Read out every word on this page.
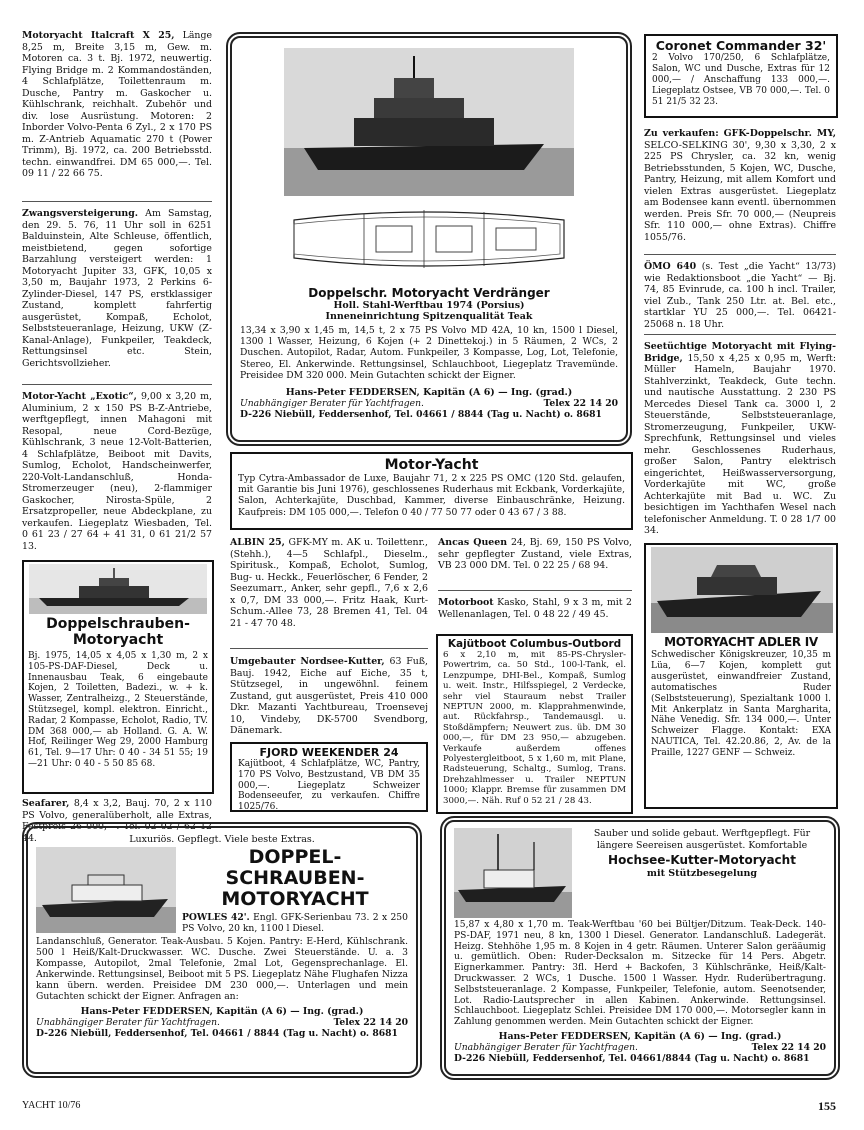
Motoryacht Italcraft X 25, Länge 8,25 m, Breite 3,15 m, Gew. m. Motoren ca. 3 t. Bj. 1972, neuwertig. Flying Bridge m. 2 Kommandoständen, 4 Schlafplätze, Toilettenraum m. Dusche, Pantry m. Gaskocher u. Kühlschrank, reichhalt. Zubehör und div. lose Ausrüstung. Motoren: 2 Inborder Volvo-Penta 6 Zyl., 2 x 170 PS m. Z-Antrieb Aquamatic 270 t (Power Trimm), Bj. 1972, ca. 200 Betriebsstd. techn. einwandfrei. DM 65 000,—. Tel. 09 11 / 22 66 75.
Zwangsversteigerung. Am Samstag, den 29. 5. 76, 11 Uhr soll in 6251 Balduinstein, Alte Schleuse, öffentlich, meistbietend, gegen sofortige Barzahlung versteigert werden: 1 Motoryacht Jupiter 33, GFK, 10,05 x 3,50 m, Baujahr 1973, 2 Perkins 6-Zylinder-Diesel, 147 PS, erstklassiger Zustand, komplett fahrfertig ausgerüstet, Kompaß, Echolot, Selbststeueranlage, Heizung, UKW (Z-Kanal-Anlage), Funkpeiler, Teakdeck, Rettungsinsel etc. Stein, Gerichtsvollzieher.
Motor-Yacht „Exotic“, 9,00 x 3,20 m, Aluminium, 2 x 150 PS B-Z-Antriebe, werftgepflegt, innen Mahagoni mit Resopal, neue Cord-Bezüge, Kühlschrank, 3 neue 12-Volt-Batterien, 4 Schlafplätze, Beiboot mit Davits, Sumlog, Echolot, Handscheinwerfer, 220-Volt-Landanschluß, Honda-Stromerzeuger (neu), 2-flammiger Gaskocher, Nirosta-Spüle, 2 Ersatzpropeller, neue Abdeckplane, zu verkaufen. Liegeplatz Wiesbaden, Tel. 0 61 23 / 27 64 + 41 31, 0 61 21/2 57 13.
Doppelschrauben-Motoryacht
Bj. 1975, 14,05 x 4,05 x 1,30 m, 2 x 105-PS-DAF-Diesel, Deck u. Innenausbau Teak, 6 eingebaute Kojen, 2 Toiletten, Badezi., w. + k. Wasser, Zentralheizg., 2 Steuerstände, Stützsegel, kompl. elektron. Einricht., Radar, 2 Kompasse, Echolot, Radio, TV. DM 368 000,— ab Holland. G. A. W. Hof, Reilinger Weg 29, 2000 Hamburg 61, Tel. 9—17 Uhr: 0 40 - 34 51 55; 19—21 Uhr: 0 40 - 5 50 85 68.
Seafarer, 8,4 x 3,2, Bauj. 70, 2 x 110 PS Volvo, generalüberholt, alle Extras, Festpreis 26 000,—. Tel. 02 02 / 62 12 44.
Doppelschr. Motoryacht Verdränger
Holl. Stahl-Werftbau 1974 (Porsius)
Inneneinrichtung Spitzenqualität Teak
13,34 x 3,90 x 1,45 m, 14,5 t, 2 x 75 PS Volvo MD 42A, 10 kn, 1500 l Diesel, 1300 l Wasser, Heizung, 6 Kojen (+ 2 Dinettekoj.) in 5 Räumen, 2 WCs, 2 Duschen. Autopilot, Radar, Autom. Funkpeiler, 3 Kompasse, Log, Lot, Telefonie, Stereo, El. Ankerwinde. Rettungsinsel, Schlauchboot, Liegeplatz Travemünde. Preisidee DM 320 000. Mein Gutachten schickt der Eigner.
Hans-Peter FEDDERSEN, Kapitän (A 6) — Ing. (grad.)
Unabhängiger Berater für Yachtfragen.	Telex 22 14 20
D-226 Niebüll, Feddersenhof, Tel. 04661 / 8844 (Tag u. Nacht) o. 8681
Motor-Yacht
Typ Cytra-Ambassador de Luxe, Baujahr 71, 2 x 225 PS OMC (120 Std. gelaufen, mit Garantie bis Juni 1976), geschlossenes Ruderhaus mit Eckbank, Vorderkajüte, Salon, Achterkajüte, Duschbad, Kammer, diverse Einbauschränke, Heizung. Kaufpreis: DM 105 000,—. Telefon 0 40 / 77 50 77 oder 0 43 67 / 3 88.
ALBIN 25, GFK-MY m. AK u. Toilettenr., (Stehh.), 4—5 Schlafpl., Dieselm., Spiritusk., Kompaß, Echolot, Sumlog, Bug- u. Heckk., Feuerlöscher, 6 Fender, 2 Seezumarr., Anker, sehr gepfl., 7,6 x 2,6 x 0,7, DM 33 000,—. Fritz Haak, Kurt-Schum.-Allee 73, 28 Bremen 41, Tel. 04 21 - 47 70 48.
Umgebauter Nordsee-Kutter, 63 Fuß, Bauj. 1942, Eiche auf Eiche, 35 t, Stützsegel, in ungewöhnl. feinem Zustand, gut ausgerüstet, Preis 410 000 Dkr. Mazanti Yachtbureau, Troensevej 10, Vindeby, DK-5700 Svendborg, Dänemark.
FJORD WEEKENDER 24
Kajütboot, 4 Schlafplätze, WC, Pantry, 170 PS Volvo, Bestzustand, VB DM 35 000,—. Liegeplatz Schweizer Bodenseeufer, zu verkaufen. Chiffre 1025/76.
Ancas Queen 24, Bj. 69, 150 PS Volvo, sehr gepflegter Zustand, viele Extras, VB 23 000 DM. Tel. 0 22 25 / 68 94.
Motorboot Kasko, Stahl, 9 x 3 m, mit 2 Wellenanlagen, Tel. 0 48 22 / 49 45.
Kajütboot Columbus-Outbord
6 x 2,10 m, mit 85-PS-Chrysler-Powertrim, ca. 50 Std., 100-l-Tank, el. Lenzpumpe, DHI-Bel., Kompaß, Sumlog u. weit. Instr., Hilfsspiegel, 2 Verdecke, sehr viel Stauraum nebst Trailer NEPTUN 2000, m. Klapprahmenwinde, aut. Rückfahrsp., Tandemausgl. u. Stoßdämpfern; Neuwert zus. üb. DM 30 000,—, für DM 23 950,— abzugeben. Verkaufe außerdem offenes Polyestergleitboot, 5 x 1,60 m, mit Plane, Radsteuerung, Schaltg., Sumlog, Trans. Drehzahlmesser u. Trailer NEPTUN 1000; Klappr. Bremse für zusammen DM 3000,—. Näh. Ruf 0 52 21 / 28 43.
Coronet Commander 32'
2 Volvo 170/250, 6 Schlafplätze, Salon, WC und Dusche, Extras für 12 000,— / Anschaffung 133 000,—. Liegeplatz Ostsee, VB 70 000,—. Tel. 0 51 21/5 32 23.
Zu verkaufen: GFK-Doppelschr. MY, SELCO-SELKING 30', 9,30 x 3,30, 2 x 225 PS Chrysler, ca. 32 kn, wenig Betriebsstunden, 5 Kojen, WC, Dusche, Pantry, Heizung, mit allem Komfort und vielen Extras ausgerüstet. Liegeplatz am Bodensee kann eventl. übernommen werden. Preis Sfr. 70 000,— (Neupreis Sfr. 110 000,— ohne Extras). Chiffre 1055/76.
ÖMO 640 (s. Test „die Yacht“ 13/73) wie Redaktionsboot „die Yacht“ — Bj. 74, 85 Evinrude, ca. 100 h incl. Trailer, viel Zub., Tank 250 Ltr. at. Bel. etc., startklar YU 25 000,—. Tel. 06421-25068 n. 18 Uhr.
Seetüchtige Motoryacht mit Flying-Bridge, 15,50 x 4,25 x 0,95 m, Werft: Müller Hameln, Baujahr 1970. Stahlverzinkt, Teakdeck, Gute techn. und nautische Ausstattung. 2 230 PS Mercedes Diesel Tank ca. 3000 l, 2 Steuerstände, Selbststeueranlage, Stromerzeugung, Funkpeiler, UKW-Sprechfunk, Rettungsinsel und vieles mehr. Geschlossenes Ruderhaus, großer Salon, Pantry elektrisch eingerichtet, Heißwasserversorgung, Vorderkajüte mit WC, große Achterkajüte mit Bad u. WC. Zu besichtigen im Yachthafen Wesel nach telefonischer Anmeldung. T. 0 28 1/7 00 34.
MOTORYACHT ADLER IV
Schwedischer Königskreuzer, 10,35 m Lüa, 6—7 Kojen, komplett gut ausgerüstet, einwandfreier Zustand, automatisches Ruder (Selbststeuerung), Spezialtank 1000 l. Mit Ankerplatz in Santa Margharita, Nähe Venedig. Sfr. 134 000,—. Unter Schweizer Flagge. Kontakt: EXA NAUTICA, Tel. 42.20.86, 2, Av. de la Praille, 1227 GENF — Schweiz.
Luxuriös. Gepflegt. Viele beste Extras.
DOPPEL-
SCHRAUBEN-
MOTORYACHT
POWLES 42'. Engl. GFK-Serienbau 73. 2 x 250 PS Volvo, 20 kn, 1100 l Diesel.
Landanschluß, Generator. Teak-Ausbau. 5 Kojen. Pantry: E-Herd, Kühlschrank. 500 l Heiß/Kalt-Druckwasser. WC. Dusche. Zwei Steuerstände. U. a. 3 Kompasse, Autopilot, 2mal Telefonie, 2mal Lot, Gegensprechanlage. El. Ankerwinde. Rettungsinsel, Beiboot mit 5 PS. Liegeplatz Nähe Flughafen Nizza kann übern. werden. Preisidee DM 230 000,—. Unterlagen und mein Gutachten schickt der Eigner. Anfragen an:
Hans-Peter FEDDERSEN, Kapitän (A 6) — Ing. (grad.)
Unabhängiger Berater für Yachtfragen.	Telex 22 14 20
D-226 Niebüll, Feddersenhof, Tel. 04661 / 8844 (Tag u. Nacht) o. 8681
Sauber und solide gebaut. Werftgepflegt. Für längere Seereisen ausgerüstet. Komfortable
Hochsee-Kutter-Motoryacht
mit Stützbesegelung
15,87 x 4,80 x 1,70 m. Teak-Werftbau '60 bei Bültjer/Ditzum. Teak-Deck. 140-PS-DAF, 1971 neu, 8 kn, 1300 l Diesel. Generator. Landanschluß. Ladegerät. Heizg. Stehhöhe 1,95 m. 8 Kojen in 4 getr. Räumen. Unterer Salon gerääumig u. gemütlich. Oben: Ruder-Decksalon m. Sitzecke für 14 Pers. Abgetr. Eignerkammer. Pantry: 3fl. Herd + Backofen, 3 Kühlschränke, Heiß/Kalt-Druckwasser. 2 WCs, 1 Dusche. 1500 l Wasser. Hydr. Ruderübertragung. Selbststeueranlage. 2 Kompasse, Funkpeiler, Telefonie, autom. Seenotsender, Lot. Radio-Lautsprecher in allen Kabinen. Ankerwinde. Rettungsinsel. Schlauchboot. Liegeplatz Schlei. Preisidee DM 170 000,—. Motorsegler kann in Zahlung genommen werden. Mein Gutachten schickt der Eigner.
Hans-Peter FEDDERSEN, Kapitän (A 6) — Ing. (grad.)
Unabhängiger Berater für Yachtfragen.	Telex 22 14 20
D-226 Niebüll, Feddersenhof, Tel. 04661/8844 (Tag u. Nacht) o. 8681
YACHT 10/76	155
